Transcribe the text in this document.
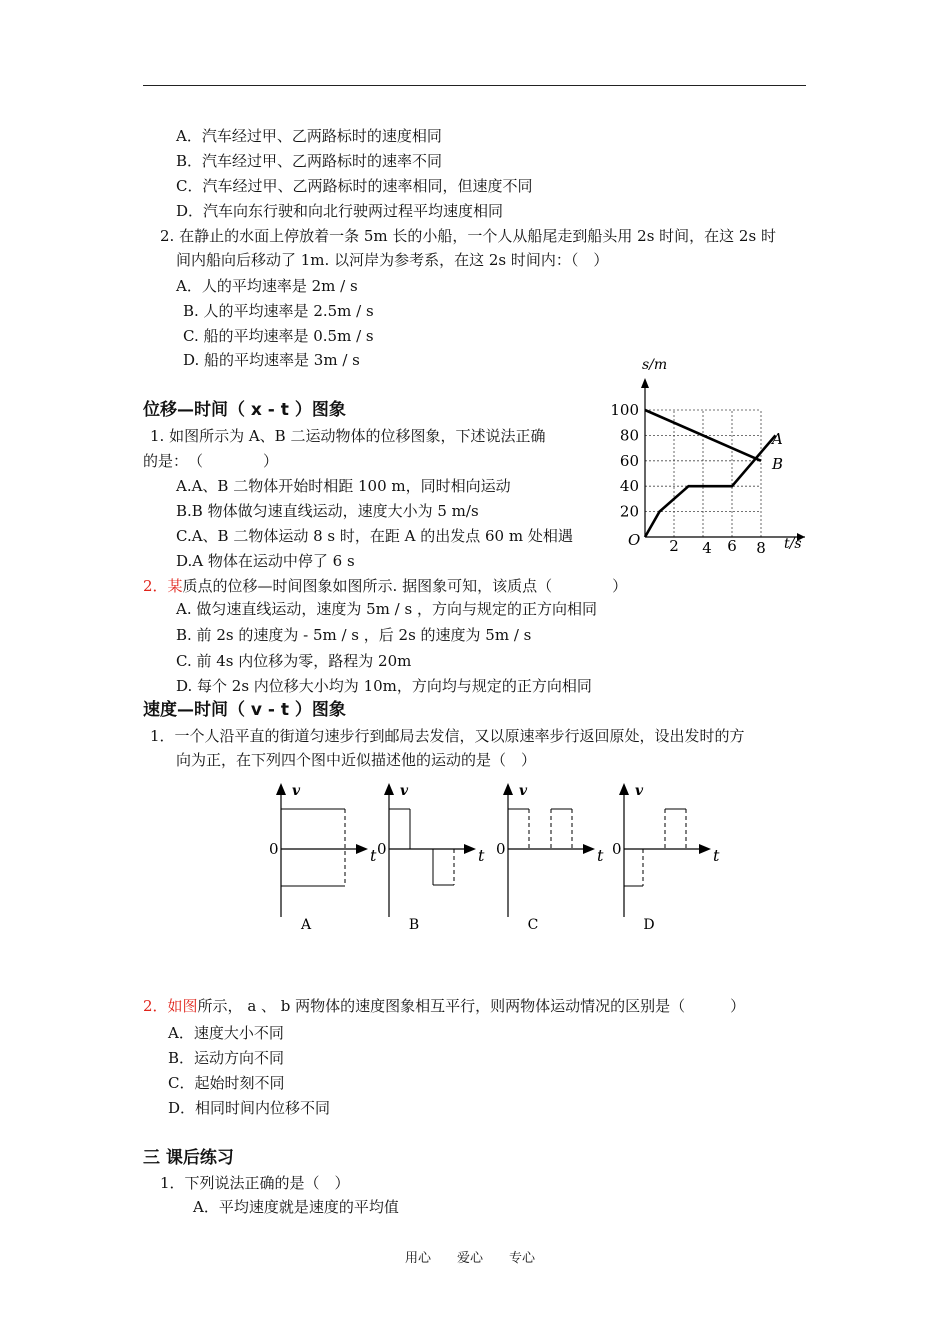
A．汽车经过甲、乙两路标时的速度相同
B．汽车经过甲、乙两路标时的速率不同
C．汽车经过甲、乙两路标时的速率相同，但速度不同
D．汽车向东行驶和向北行驶两过程平均速度相同
2. 在静止的水面上停放着一条 5m 长的小船，一个人从船尾走到船头用 2s 时间，在这 2s 时
间内船向后移动了 1m. 以河岸为参考系，在这 2s 时间内：（　）
A．人的平均速率是 2m / s
B. 人的平均速率是 2.5m / s
C. 船的平均速率是 0.5m / s
D. 船的平均速率是 3m / s
位移—时间（ x - t ）图象
1. 如图所示为 A、B 二运动物体的位移图象，下述说法正确
的是：　（　　　　）
A.A、B 二物体开始时相距 100 m，同时相向运动
B.B 物体做匀速直线运动，速度大小为 5 m/s
C.A、B 二物体运动 8 s 时，在距 A 的出发点 60 m 处相遇
D.A 物体在运动中停了 6 s
s/m
t/s
O
100
80
60
40
20
2 4 6 8
A
B
2．某质点的位移—时间图象如图所示. 据图象可知，该质点（　　　　）
A. 做匀速直线运动，速度为 5m / s ，方向与规定的正方向相同
B. 前 2s 的速度为 - 5m / s ，后 2s 的速度为 5m / s
C. 前 4s 内位移为零，路程为 20m
D. 每个 2s 内位移大小均为 10m，方向均与规定的正方向相同
速度—时间（ v - t ）图象
1．一个人沿平直的街道匀速步行到邮局去发信，又以原速率步行返回原处，设出发时的方
向为正，在下列四个图中近似描述他的运动的是（　）
v
0	t
A
v
0	t
B
v
0	t
C
v
0	t
D
2．如图所示， a 、 b 两物体的速度图象相互平行，则两物体运动情况的区别是（　　　）
A．速度大小不同
B．运动方向不同
C．起始时刻不同
D．相同时间内位移不同
三 课后练习
1．下列说法正确的是（　）
A．平均速度就是速度的平均值
用心　　爱心　　专心
